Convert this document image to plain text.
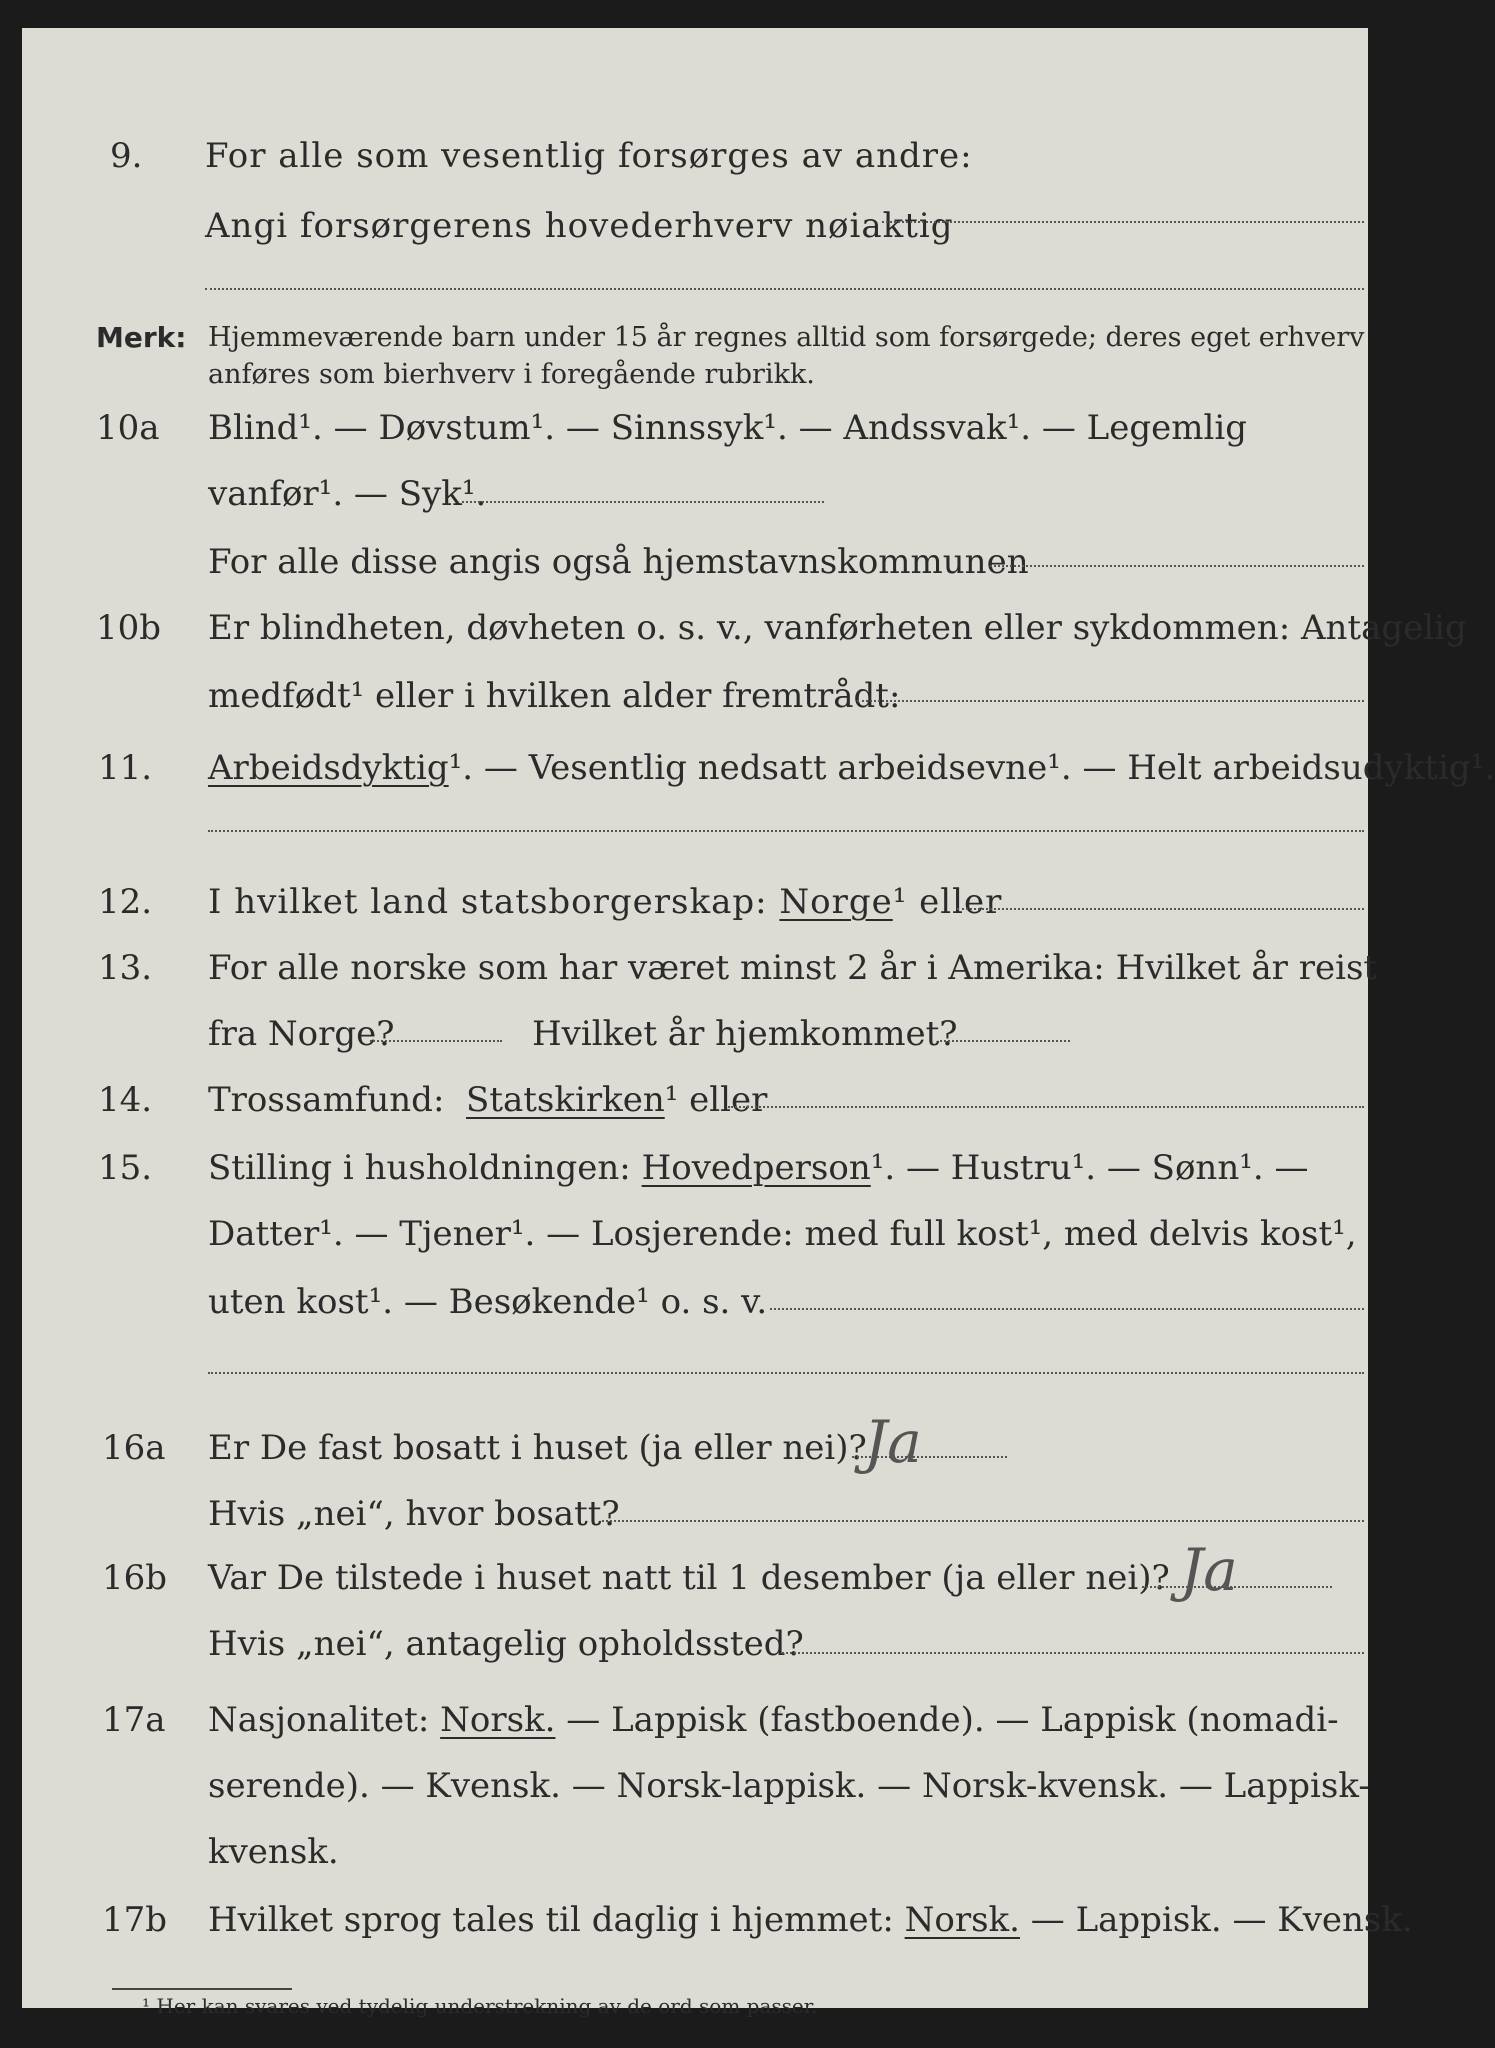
9. For alle som vesentlig forsørges av andre:
Angi forsørgerens hovederhverv nøiaktig
Merk: Hjemmeværende barn under 15 år regnes alltid som forsørgede; deres eget erhverv
anføres som bierhverv i foregående rubrikk.
10a Blind¹. — Døvstum¹. — Sinnssyk¹. — Andssvak¹. — Legemlig
vanfør¹. — Syk¹.
For alle disse angis også hjemstavnskommunen
10b Er blindheten, døvheten o. s. v., vanførheten eller sykdommen: Antagelig
medfødt¹ eller i hvilken alder fremtrådt:
11. Arbeidsdyktig¹. — Vesentlig nedsatt arbeidsevne¹. — Helt arbeidsudyktig¹.
12. I hvilket land statsborgerskap: Norge¹ eller
13. For alle norske som har været minst 2 år i Amerika: Hvilket år reist
fra Norge?	Hvilket år hjemkommet?
14. Trossamfund: Statskirken¹ eller
15. Stilling i husholdningen: Hovedperson¹. — Hustru¹. — Sønn¹. —
Datter¹. — Tjener¹. — Losjerende: med full kost¹, med delvis kost¹,
uten kost¹. — Besøkende¹ o. s. v.
16a Er De fast bosatt i huset (ja eller nei)?
Ja
Hvis „nei“, hvor bosatt?
16b Var De tilstede i huset natt til 1 desember (ja eller nei)? Ja
Hvis „nei“, antagelig opholdssted?
17a Nasjonalitet: Norsk. — Lappisk (fastboende). — Lappisk (nomadi-
serende). — Kvensk. — Norsk-lappisk. — Norsk-kvensk. — Lappisk-
kvensk.
17b Hvilket sprog tales til daglig i hjemmet: Norsk. — Lappisk. — Kvensk.
¹ Her kan svares ved tydelig understrekning av de ord som passer.
